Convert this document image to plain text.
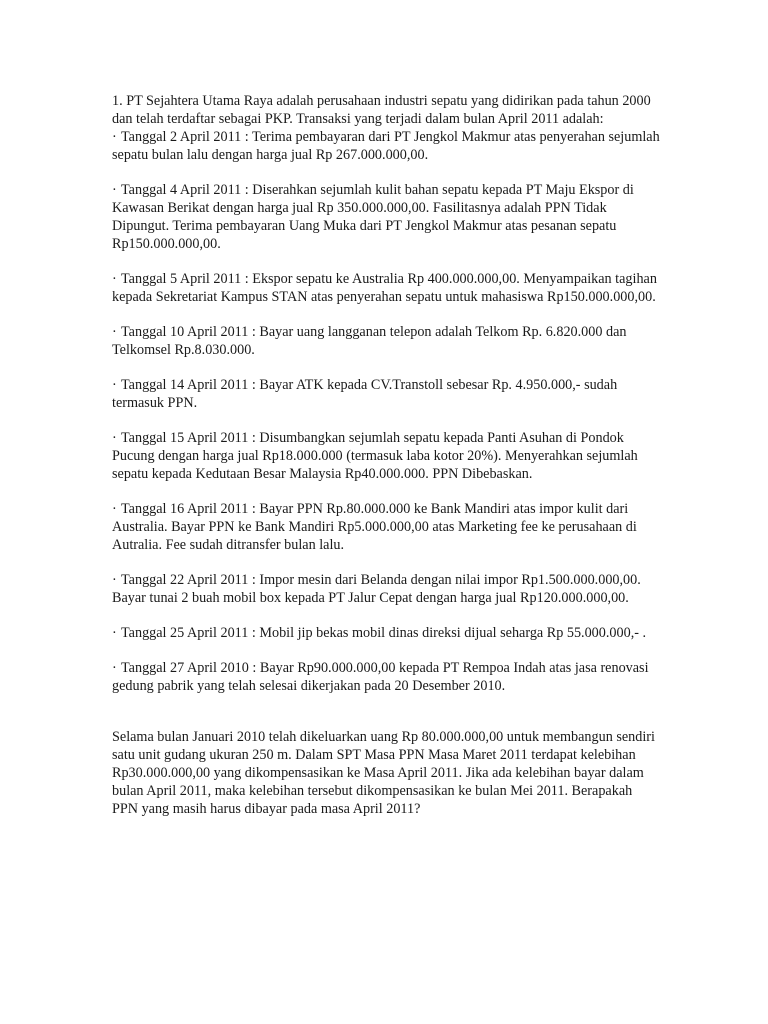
1. PT Sejahtera Utama Raya adalah perusahaan industri sepatu yang didirikan pada tahun 2000 dan telah terdaftar sebagai PKP. Transaksi yang terjadi dalam bulan April 2011 adalah:

· Tanggal 2 April 2011 : Terima pembayaran dari PT Jengkol Makmur atas penyerahan sejumlah sepatu bulan lalu dengan harga jual Rp 267.000.000,00.

· Tanggal 4 April 2011 : Diserahkan sejumlah kulit bahan sepatu kepada PT Maju Ekspor di Kawasan Berikat dengan harga jual Rp 350.000.000,00. Fasilitasnya adalah PPN Tidak Dipungut. Terima pembayaran Uang Muka dari PT Jengkol Makmur atas pesanan sepatu Rp150.000.000,00.

· Tanggal 5 April 2011 : Ekspor sepatu ke Australia Rp 400.000.000,00. Menyampaikan tagihan kepada Sekretariat Kampus STAN atas penyerahan sepatu untuk mahasiswa Rp150.000.000,00.

· Tanggal 10 April 2011 : Bayar uang langganan telepon adalah Telkom Rp. 6.820.000 dan Telkomsel Rp.8.030.000.

· Tanggal 14 April 2011 : Bayar ATK kepada CV.Transtoll sebesar Rp. 4.950.000,- sudah termasuk PPN.

· Tanggal 15 April 2011 : Disumbangkan sejumlah sepatu kepada Panti Asuhan di Pondok Pucung dengan harga jual Rp18.000.000 (termasuk laba kotor 20%). Menyerahkan sejumlah sepatu kepada Kedutaan Besar Malaysia Rp40.000.000. PPN Dibebaskan.

· Tanggal 16 April 2011 : Bayar PPN Rp.80.000.000 ke Bank Mandiri atas impor kulit dari Australia. Bayar PPN ke Bank Mandiri Rp5.000.000,00 atas Marketing fee ke perusahaan di Autralia. Fee sudah ditransfer bulan lalu.

· Tanggal 22 April 2011 : Impor mesin dari Belanda dengan nilai impor Rp1.500.000.000,00. Bayar tunai 2 buah mobil box kepada PT Jalur Cepat dengan harga jual Rp120.000.000,00.

· Tanggal 25 April 2011 : Mobil jip bekas mobil dinas direksi dijual seharga Rp 55.000.000,- .

· Tanggal 27 April 2010 : Bayar Rp90.000.000,00 kepada PT Rempoa Indah atas jasa renovasi gedung pabrik yang telah selesai dikerjakan pada 20 Desember 2010.

Selama bulan Januari 2010 telah dikeluarkan uang Rp 80.000.000,00 untuk membangun sendiri satu unit gudang ukuran 250 m. Dalam SPT Masa PPN Masa Maret 2011 terdapat kelebihan Rp30.000.000,00 yang dikompensasikan ke Masa April 2011. Jika ada kelebihan bayar dalam bulan April 2011, maka kelebihan tersebut dikompensasikan ke bulan Mei 2011. Berapakah PPN yang masih harus dibayar pada masa April 2011?
